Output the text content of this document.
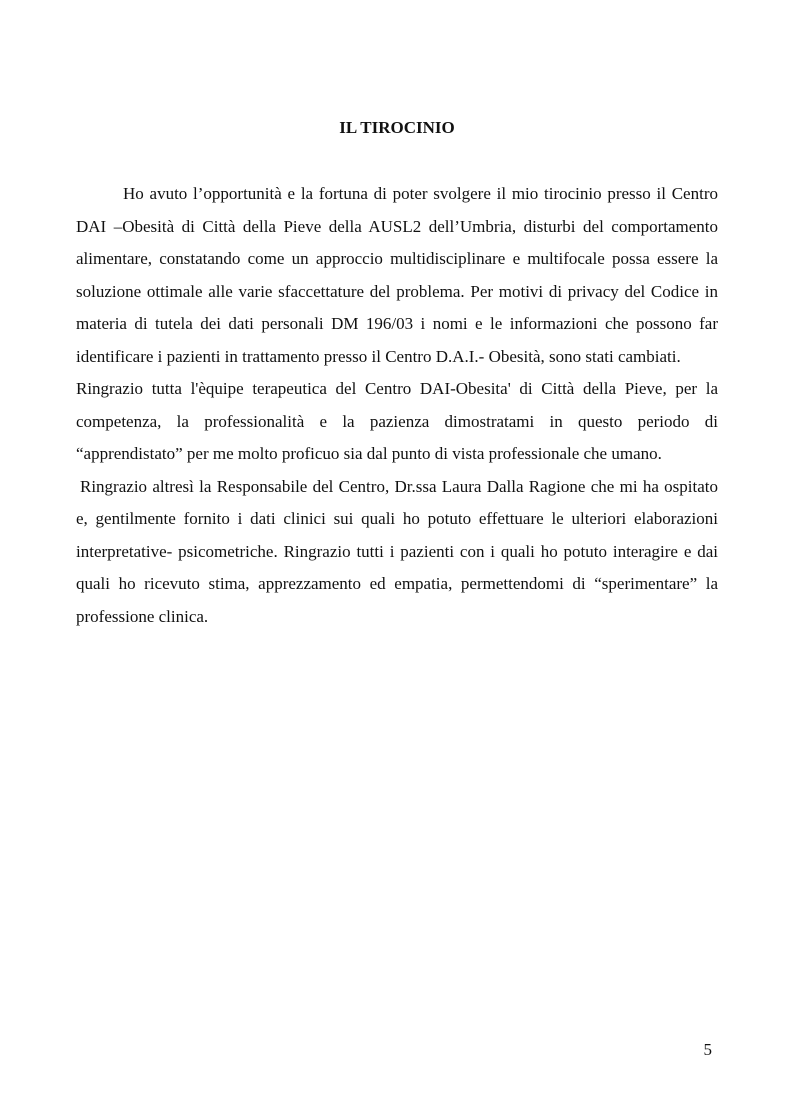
IL TIROCINIO

Ho avuto l’opportunità e la fortuna di poter svolgere il mio tirocinio presso il Centro DAI –Obesità di Città della Pieve della AUSL2 dell’Umbria, disturbi del comportamento alimentare, constatando come un approccio multidisciplinare e multifocale possa essere la soluzione ottimale alle varie sfaccettature del problema. Per motivi di privacy del Codice in materia di tutela dei dati personali DM 196/03 i nomi e le informazioni che possono far identificare i pazienti in trattamento presso il Centro D.A.I.- Obesità, sono stati cambiati.

Ringrazio tutta l'èquipe terapeutica del Centro DAI-Obesita' di Città della Pieve, per la competenza, la professionalità e la pazienza dimostratami in questo periodo di “apprendistato” per me molto proficuo sia dal punto di vista professionale che umano.

Ringrazio altresì la Responsabile del Centro, Dr.ssa Laura Dalla Ragione che mi ha ospitato e, gentilmente fornito i dati clinici sui quali ho potuto effettuare le ulteriori elaborazioni interpretative- psicometriche. Ringrazio tutti i pazienti con i quali ho potuto interagire e dai quali ho ricevuto stima, apprezzamento ed empatia, permettendomi di “sperimentare” la professione clinica.

5
